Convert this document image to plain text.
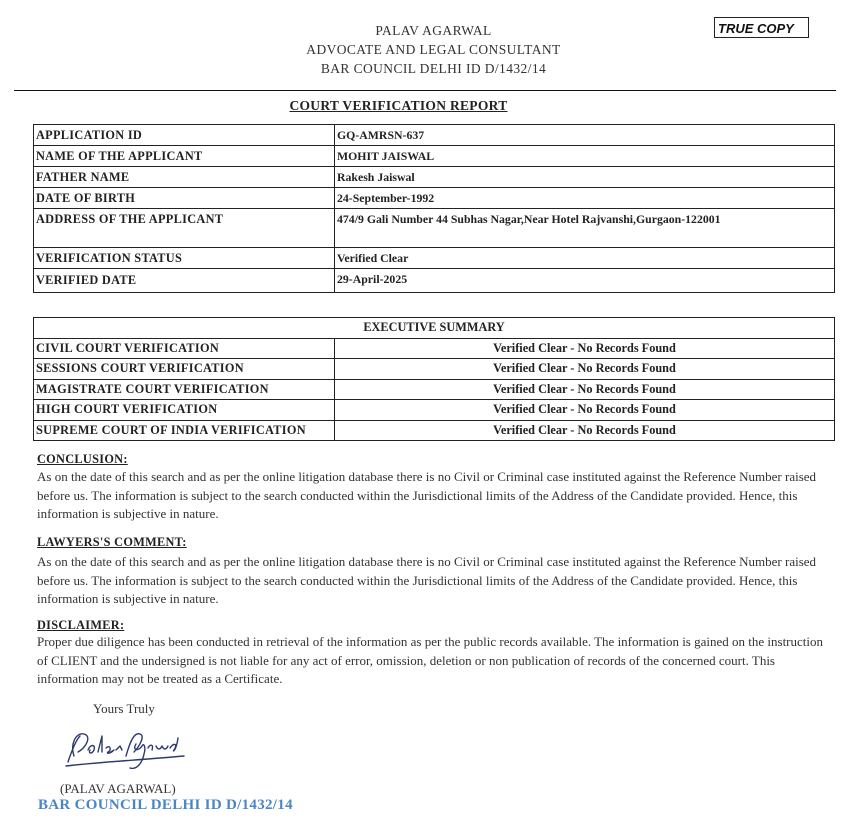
PALAV AGARWAL
ADVOCATE AND LEGAL CONSULTANT
BAR COUNCIL DELHI ID D/1432/14
TRUE COPY
COURT VERIFICATION REPORT
APPLICATION ID	GQ-AMRSN-637
NAME OF THE APPLICANT	MOHIT JAISWAL
FATHER NAME	Rakesh Jaiswal
DATE OF BIRTH	24-September-1992
ADDRESS OF THE APPLICANT	474/9 Gali Number 44 Subhas Nagar,Near Hotel Rajvanshi,Gurgaon-122001
VERIFICATION STATUS	Verified Clear
VERIFIED DATE	29-April-2025
EXECUTIVE SUMMARY	
CIVIL COURT VERIFICATION	Verified Clear - No Records Found
SESSIONS COURT VERIFICATION	Verified Clear - No Records Found
MAGISTRATE COURT VERIFICATION	Verified Clear - No Records Found
HIGH COURT VERIFICATION	Verified Clear - No Records Found
SUPREME COURT OF INDIA VERIFICATION	Verified Clear - No Records Found
CONCLUSION:
As on the date of this search and as per the online litigation database there is no Civil or Criminal case instituted against the Reference Number raised before us. The information is subject to the search conducted within the Jurisdictional limits of the Address of the Candidate provided. Hence, this information is subjective in nature.
LAWYERS'S COMMENT:
As on the date of this search and as per the online litigation database there is no Civil or Criminal case instituted against the Reference Number raised before us. The information is subject to the search conducted within the Jurisdictional limits of the Address of the Candidate provided. Hence, this information is subjective in nature.
DISCLAIMER:
Proper due diligence has been conducted in retrieval of the information as per the public records available. The information is gained on the instruction of CLIENT and the undersigned is not liable for any act of error, omission, deletion or non publication of records of the concerned court. This information may not be treated as a Certificate.
Yours Truly
(PALAV AGARWAL)
BAR COUNCIL DELHI ID D/1432/14
